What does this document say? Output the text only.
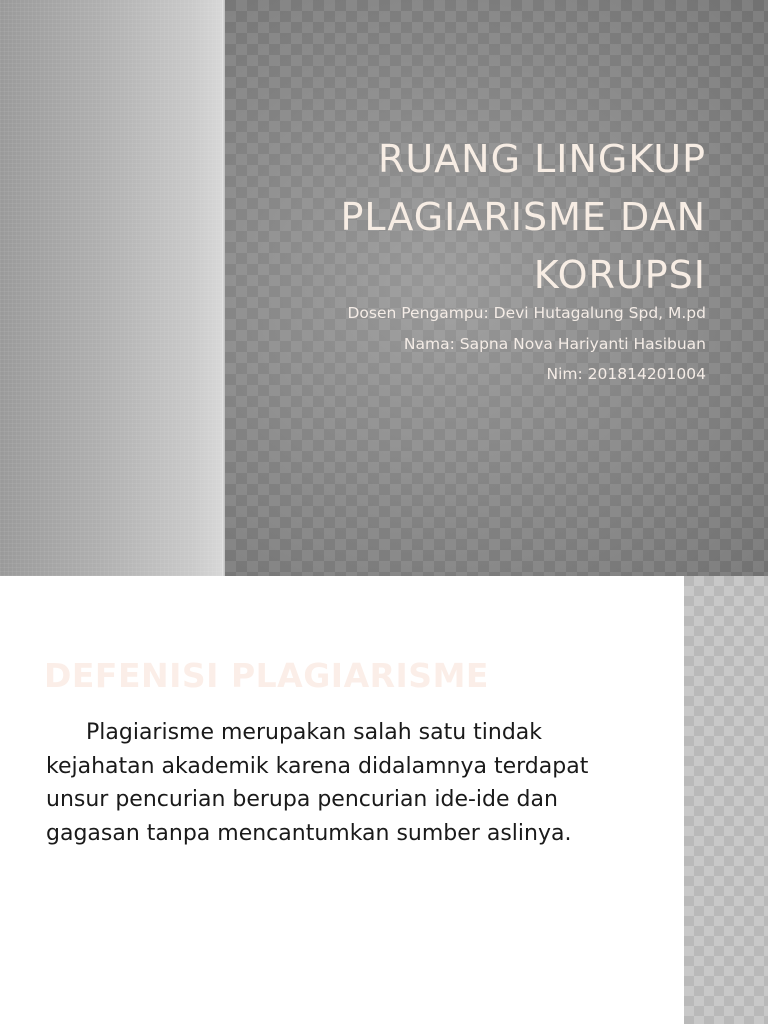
RUANG LINGKUP
PLAGIARISME DAN
KORUPSI
Dosen Pengampu: Devi Hutagalung Spd, M.pd
Nama: Sapna Nova Hariyanti Hasibuan
Nim: 201814201004
DEFENISI PLAGIARISME

Plagiarisme merupakan salah satu tindak kejahatan akademik karena didalamnya terdapat unsur pencurian berupa pencurian ide-ide dan gagasan tanpa mencantumkan sumber aslinya.
